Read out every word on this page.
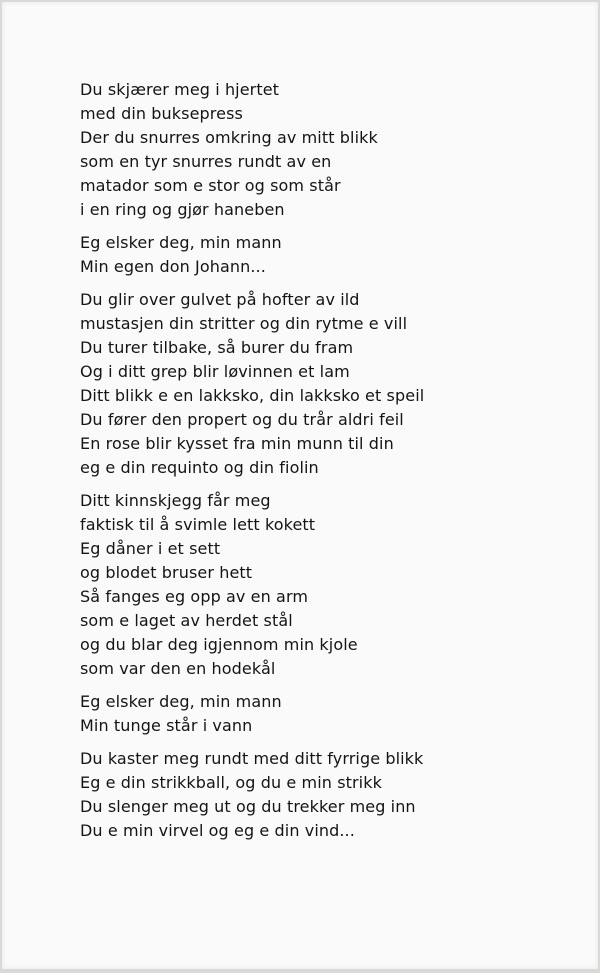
Du skjærer meg i hjertet
med din buksepress
Der du snurres omkring av mitt blikk
som en tyr snurres rundt av en
matador som e stor og som står
i en ring og gjør haneben
Eg elsker deg, min mann
Min egen don Johann...
Du glir over gulvet på hofter av ild
mustasjen din stritter og din rytme e vill
Du turer tilbake, så burer du fram
Og i ditt grep blir løvinnen et lam
Ditt blikk e en lakksko, din lakksko et speil
Du fører den propert og du trår aldri feil
En rose blir kysset fra min munn til din
eg e din requinto og din fiolin
Ditt kinnskjegg får meg
faktisk til å svimle lett kokett
Eg dåner i et sett
og blodet bruser hett
Så fanges eg opp av en arm
som e laget av herdet stål
og du blar deg igjennom min kjole
som var den en hodekål
Eg elsker deg, min mann
Min tunge står i vann
Du kaster meg rundt med ditt fyrrige blikk
Eg e din strikkball, og du e min strikk
Du slenger meg ut og du trekker meg inn
Du e min virvel og eg e din vind...
